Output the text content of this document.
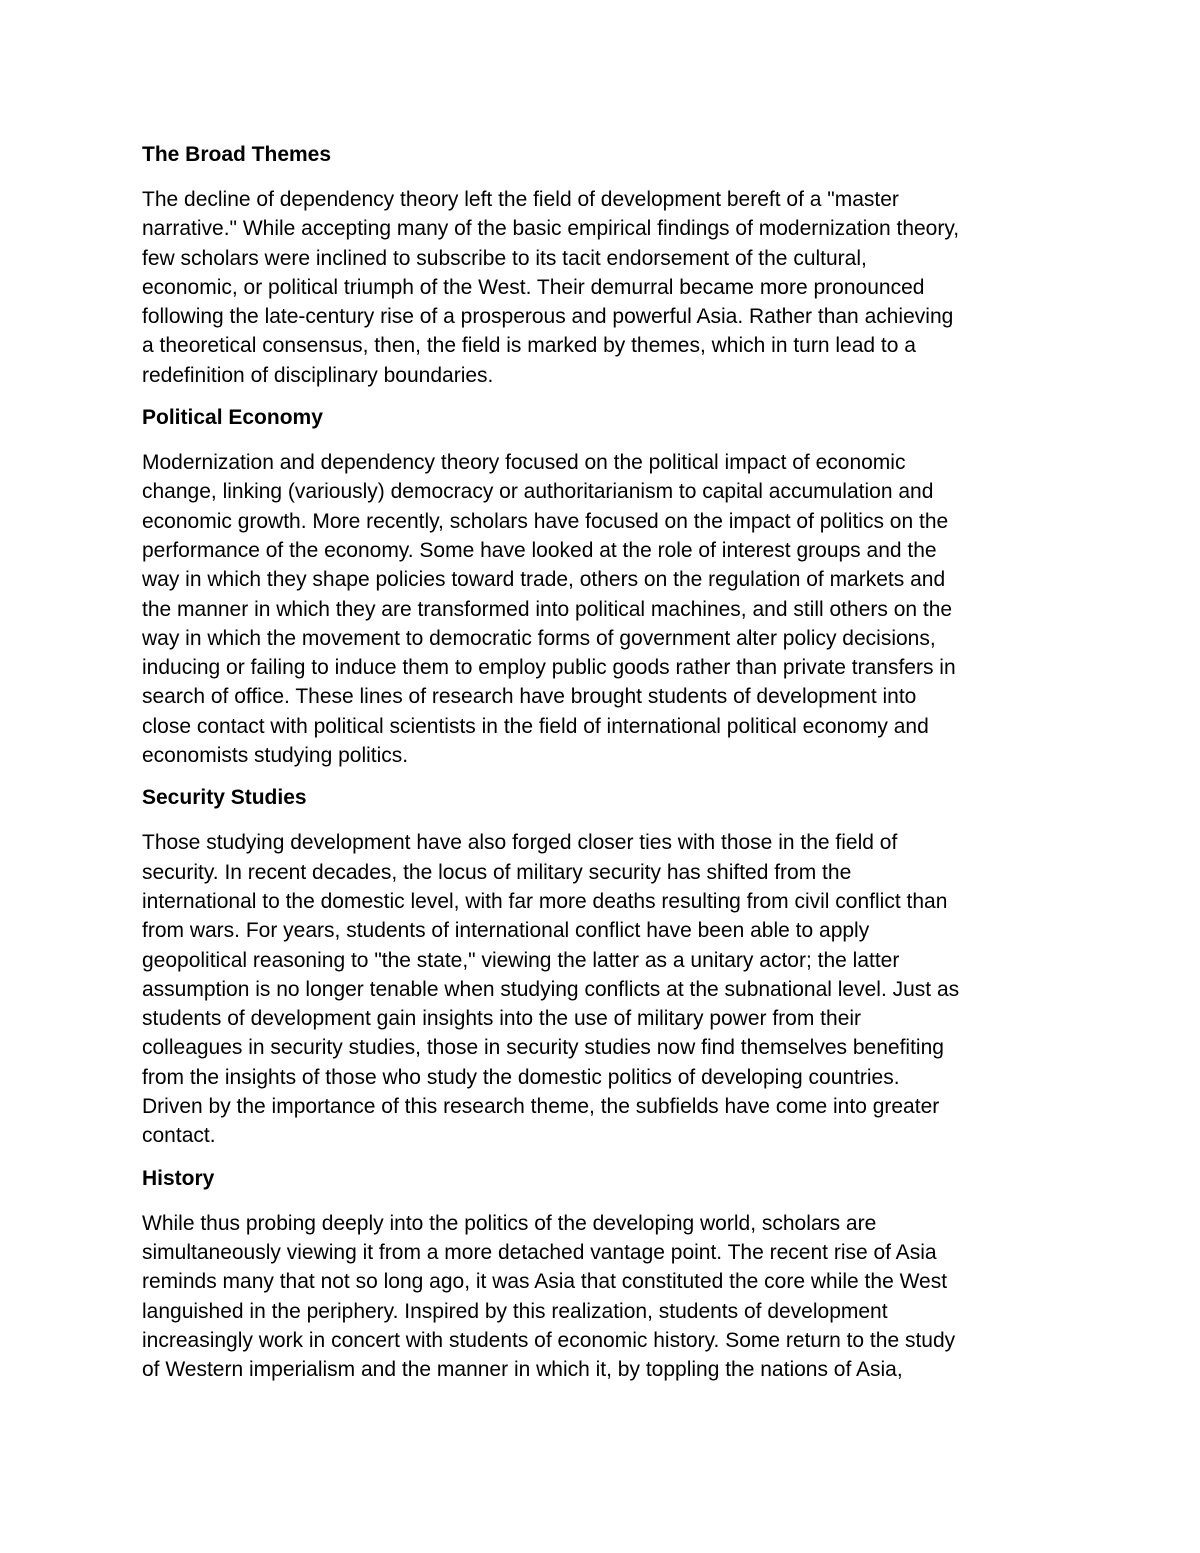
The Broad Themes
The decline of dependency theory left the field of development bereft of a "master
narrative." While accepting many of the basic empirical findings of modernization theory,
few scholars were inclined to subscribe to its tacit endorsement of the cultural,
economic, or political triumph of the West. Their demurral became more pronounced
following the late-century rise of a prosperous and powerful Asia. Rather than achieving
a theoretical consensus, then, the field is marked by themes, which in turn lead to a
redefinition of disciplinary boundaries.
Political Economy
Modernization and dependency theory focused on the political impact of economic
change, linking (variously) democracy or authoritarianism to capital accumulation and
economic growth. More recently, scholars have focused on the impact of politics on the
performance of the economy. Some have looked at the role of interest groups and the
way in which they shape policies toward trade, others on the regulation of markets and
the manner in which they are transformed into political machines, and still others on the
way in which the movement to democratic forms of government alter policy decisions,
inducing or failing to induce them to employ public goods rather than private transfers in
search of office. These lines of research have brought students of development into
close contact with political scientists in the field of international political economy and
economists studying politics.
Security Studies
Those studying development have also forged closer ties with those in the field of
security. In recent decades, the locus of military security has shifted from the
international to the domestic level, with far more deaths resulting from civil conflict than
from wars. For years, students of international conflict have been able to apply
geopolitical reasoning to "the state," viewing the latter as a unitary actor; the latter
assumption is no longer tenable when studying conflicts at the subnational level. Just as
students of development gain insights into the use of military power from their
colleagues in security studies, those in security studies now find themselves benefiting
from the insights of those who study the domestic politics of developing countries.
Driven by the importance of this research theme, the subfields have come into greater
contact.
History
While thus probing deeply into the politics of the developing world, scholars are
simultaneously viewing it from a more detached vantage point. The recent rise of Asia
reminds many that not so long ago, it was Asia that constituted the core while the West
languished in the periphery. Inspired by this realization, students of development
increasingly work in concert with students of economic history. Some return to the study
of Western imperialism and the manner in which it, by toppling the nations of Asia,
